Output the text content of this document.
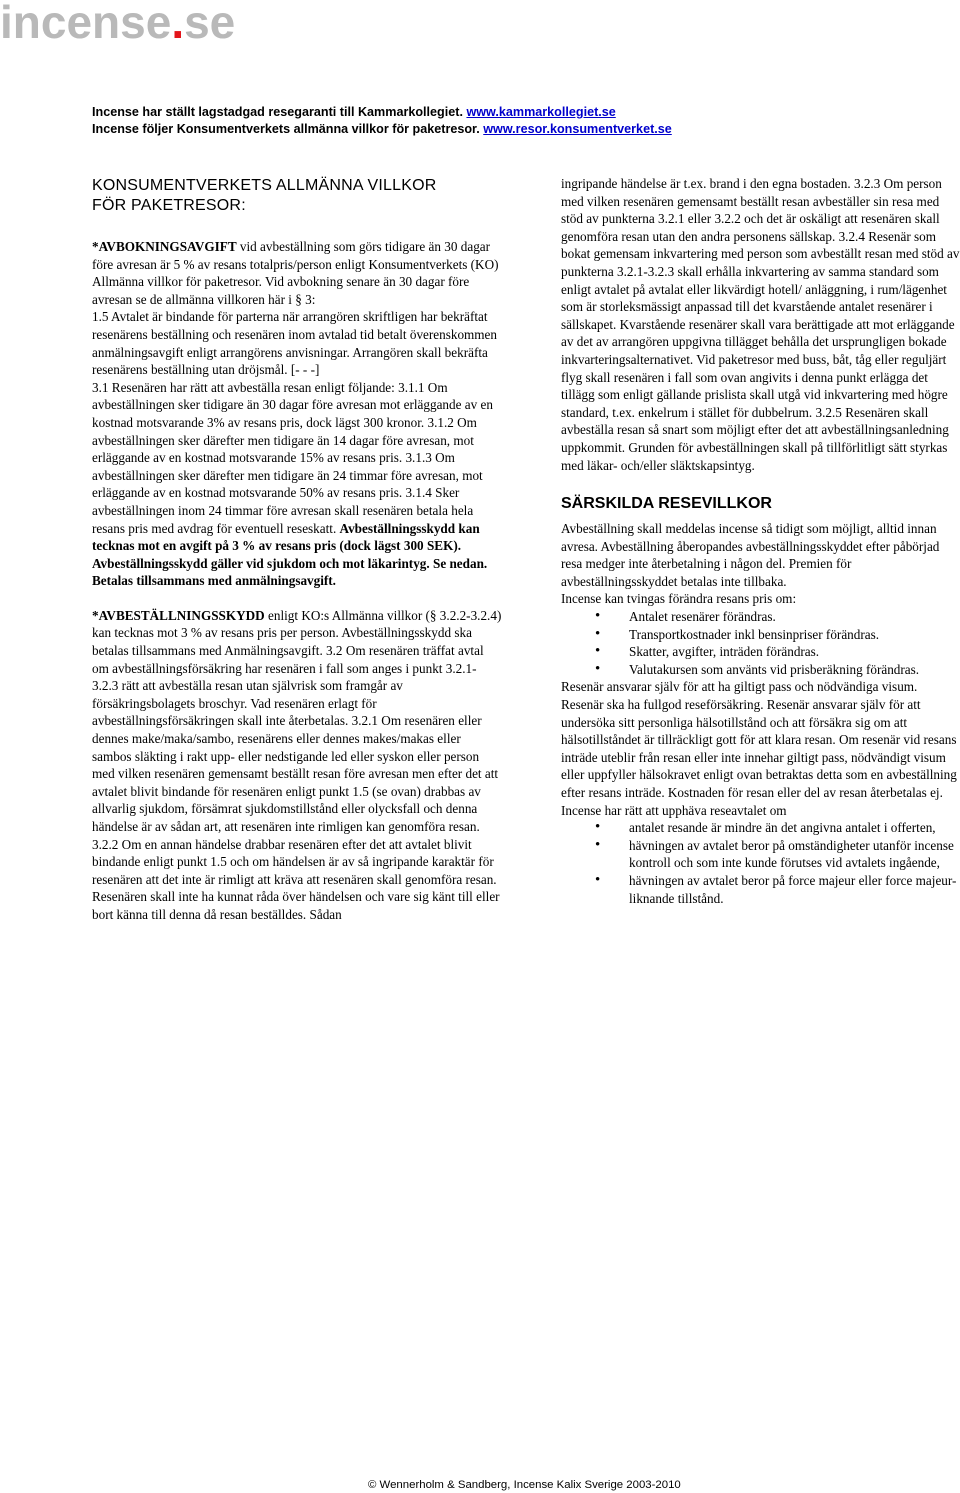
incense.se
Incense har ställt lagstadgad resegaranti till Kammarkollegiet. www.kammarkollegiet.se
Incense följer Konsumentverkets allmänna villkor för paketresor. www.resor.konsumentverket.se
KONSUMENTVERKETS ALLMÄNNA VILLKOR
FÖR PAKETRESOR:

*AVBOKNINGSAVGIFT vid avbeställning som görs tidigare än 30 dagar före avresan är 5 % av resans totalpris/person enligt Konsumentverkets (KO) Allmänna villkor för paketresor. Vid avbokning senare än 30 dagar före avresan se de allmänna villkoren här i § 3:

1.5 Avtalet är bindande för parterna när arrangören skriftligen har bekräftat resenärens beställning och resenären inom avtalad tid betalt överenskommen anmälningsavgift enligt arrangörens anvisningar. Arrangören skall bekräfta resenärens beställning utan dröjsmål. [- - -]

3.1 Resenären har rätt att avbeställa resan enligt följande: 3.1.1 Om avbeställningen sker tidigare än 30 dagar före avresan mot erläggande av en kostnad motsvarande 3% av resans pris, dock lägst 300 kronor. 3.1.2 Om avbeställningen sker därefter men tidigare än 14 dagar före avresan, mot erläggande av en kostnad motsvarande 15% av resans pris. 3.1.3 Om avbeställningen sker därefter men tidigare än 24 timmar före avresan, mot erläggande av en kostnad motsvarande 50% av resans pris. 3.1.4 Sker avbeställningen inom 24 timmar före avresan skall resenären betala hela resans pris med avdrag för eventuell reseskatt. Avbeställningsskydd kan tecknas mot en avgift på 3 % av resans pris (dock lägst 300 SEK). Avbeställningsskydd gäller vid sjukdom och mot läkarintyg. Se nedan. Betalas tillsammans med anmälningsavgift.

*AVBESTÄLLNINGSSKYDD enligt KO:s Allmänna villkor (§ 3.2.2-3.2.4) kan tecknas mot 3 % av resans pris per person. Avbeställningsskydd ska betalas tillsammans med Anmälningsavgift. 3.2 Om resenären träffat avtal om avbeställningsförsäkring har resenären i fall som anges i punkt 3.2.1-3.2.3 rätt att avbeställa resan utan självrisk som framgår av försäkringsbolagets broschyr. Vad resenären erlagt för avbeställningsförsäkringen skall inte återbetalas. 3.2.1 Om resenären eller dennes make/maka/sambo, resenärens eller dennes makes/makas eller sambos släkting i rakt upp- eller nedstigande led eller syskon eller person med vilken resenären gemensamt beställt resan före avresan men efter det att avtalet blivit bindande för resenären enligt punkt 1.5 (se ovan) drabbas av allvarlig sjukdom, försämrat sjukdomstillstånd eller olycksfall och denna händelse är av sådan art, att resenären inte rimligen kan genomföra resan. 3.2.2 Om en annan händelse drabbar resenären efter det att avtalet blivit bindande enligt punkt 1.5 och om händelsen är av så ingripande karaktär för resenären att det inte är rimligt att kräva att resenären skall genomföra resan. Resenären skall inte ha kunnat råda över händelsen och vare sig känt till eller bort känna till denna då resan beställdes. Sådan

ingripande händelse är t.ex. brand i den egna bostaden. 3.2.3 Om person med vilken resenären gemensamt beställt resan avbeställer sin resa med stöd av punkterna 3.2.1 eller 3.2.2 och det är oskäligt att resenären skall genomföra resan utan den andra personens sällskap. 3.2.4 Resenär som bokat gemensam inkvartering med person som avbeställt resan med stöd av punkterna 3.2.1-3.2.3 skall erhålla inkvartering av samma standard som enligt avtalet på avtalat eller likvärdigt hotell/ anläggning, i rum/lägenhet som är storleksmässigt anpassad till det kvarstående antalet resenärer i sällskapet. Kvarstående resenärer skall vara berättigade att mot erläggande av det av arrangören uppgivna tillägget behålla det ursprungligen bokade inkvarteringsalternativet. Vid paketresor med buss, båt, tåg eller reguljärt flyg skall resenären i fall som ovan angivits i denna punkt erlägga det tillägg som enligt gällande prislista skall utgå vid inkvartering med högre standard, t.ex. enkelrum i stället för dubbelrum. 3.2.5 Resenären skall avbeställa resan så snart som möjligt efter det att avbeställningsanledning uppkommit. Grunden för avbeställningen skall på tillförlitligt sätt styrkas med läkar- och/eller släktskapsintyg.

SÄRSKILDA RESEVILLKOR

Avbeställning skall meddelas incense så tidigt som möjligt, alltid innan avresa. Avbeställning åberopandes avbeställningsskyddet efter påbörjad resa medger inte återbetalning i någon del. Premien för avbeställningsskyddet betalas inte tillbaka.

Incense kan tvingas förändra resans pris om:

• Antalet resenärer förändras.
• Transportkostnader inkl bensinpriser förändras.
• Skatter, avgifter, inträden förändras.
• Valutakursen som använts vid prisberäkning förändras.

Resenär ansvarar själv för att ha giltigt pass och nödvändiga visum. Resenär ska ha fullgod reseförsäkring. Resenär ansvarar själv för att undersöka sitt personliga hälsotillstånd och att försäkra sig om att hälsotillståndet är tillräckligt gott för att klara resan. Om resenär vid resans inträde uteblir från resan eller inte innehar giltigt pass, nödvändigt visum eller uppfyller hälsokravet enligt ovan betraktas detta som en avbeställning efter resans inträde. Kostnaden för resan eller del av resan återbetalas ej.

Incense har rätt att upphäva reseavtalet om

• antalet resande är mindre än det angivna antalet i offerten,
• hävningen av avtalet beror på omständigheter utanför incense kontroll och som inte kunde förutses vid avtalets ingående,
• hävningen av avtalet beror på force majeur eller force majeur- liknande tillstånd.
© Wennerholm & Sandberg, Incense Kalix Sverige 2003-2010
